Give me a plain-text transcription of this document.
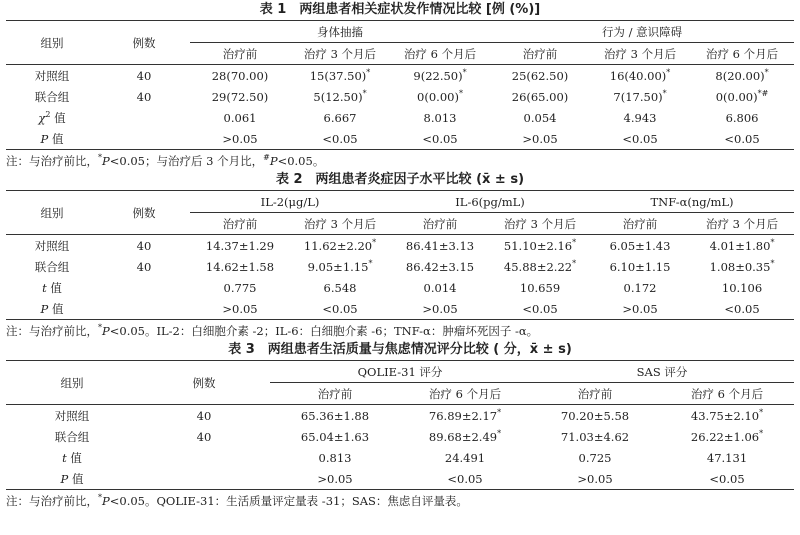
表 1　两组患者相关症状发作情况比较 [例 (%)]
组别	例数	身体抽搐			行为 / 意识障碍		
		治疗前	治疗 3 个月后	治疗 6 个月后	治疗前	治疗 3 个月后	治疗 6 个月后
对照组	40	28(70.00)	15(37.50)*	9(22.50)*	25(62.50)	16(40.00)*	8(20.00)*
联合组	40	29(72.50)	5(12.50)*	0(0.00)*	26(65.00)	7(17.50)*	0(0.00)*#
$\chi^2$ 值		0.061	6.667	8.013	0.054	4.943	6.806
P 值		>0.05	<0.05	<0.05	>0.05	<0.05	<0.05
注：与治疗前比，*P<0.05；与治疗后 3 个月比，#P<0.05。
表 2　两组患者炎症因子水平比较 (x̄ ± s)
组别	例数	IL-2(μg/L)		IL-6(pg/mL)		TNF-α(ng/mL)	
		治疗前	治疗 3 个月后	治疗前	治疗 3 个月后	治疗前	治疗 3 个月后
对照组	40	14.37±1.29	11.62±2.20*	86.41±3.13	51.10±2.16*	6.05±1.43	4.01±1.80*
联合组	40	14.62±1.58	9.05±1.15*	86.42±3.15	45.88±2.22*	6.10±1.15	1.08±0.35*
t 值		0.775	6.548	0.014	10.659	0.172	10.106
P 值		>0.05	<0.05	>0.05	<0.05	>0.05	<0.05
注：与治疗前比，*P<0.05。IL-2：白细胞介素 -2；IL-6：白细胞介素 -6；TNF-α：肿瘤坏死因子 -α。
表 3　两组患者生活质量与焦虑情况评分比较 ( 分，x̄ ± s)
组别	例数	QOLIE-31 评分		SAS 评分	
		治疗前	治疗 6 个月后	治疗前	治疗 6 个月后
对照组	40	65.36±1.88	76.89±2.17*	70.20±5.58	43.75±2.10*
联合组	40	65.04±1.63	89.68±2.49*	71.03±4.62	26.22±1.06*
t 值		0.813	24.491	0.725	47.131
P 值		>0.05	<0.05	>0.05	<0.05
注：与治疗前比，*P<0.05。QOLIE-31：生活质量评定量表 -31；SAS：焦虑自评量表。
